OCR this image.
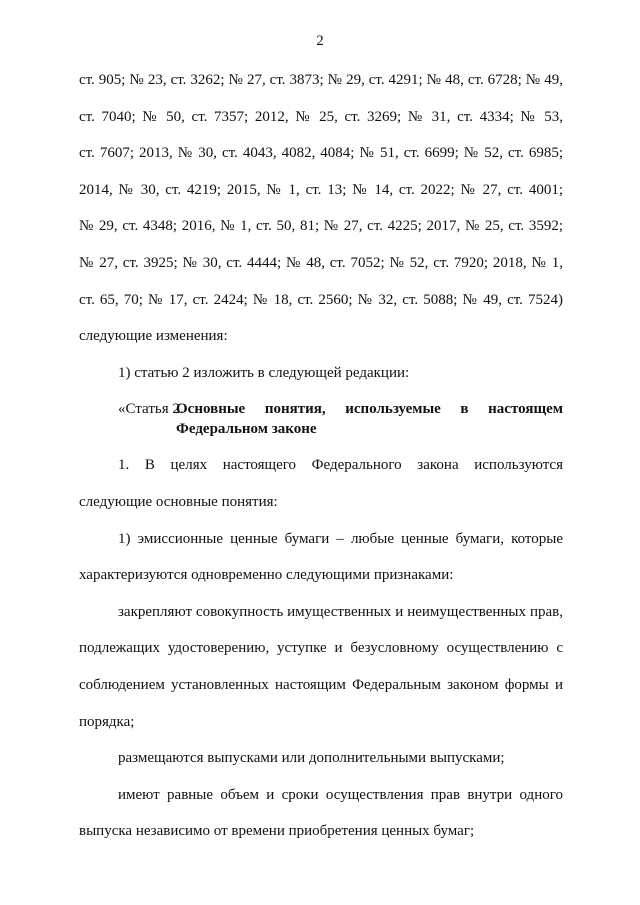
2
ст. 905; № 23, ст. 3262; № 27, ст. 3873; № 29, ст. 4291; № 48, ст. 6728; № 49,
ст. 7040; № 50, ст. 7357; 2012, № 25, ст. 3269; № 31, ст. 4334; № 53,
ст. 7607; 2013, № 30, ст. 4043, 4082, 4084; № 51, ст. 6699; № 52, ст. 6985;
2014, № 30, ст. 4219; 2015, № 1, ст. 13; № 14, ст. 2022; № 27, ст. 4001;
№ 29, ст. 4348; 2016, № 1, ст. 50, 81; № 27, ст. 4225; 2017, № 25, ст. 3592;
№ 27, ст. 3925; № 30, ст. 4444; № 48, ст. 7052; № 52, ст. 7920; 2018, № 1,
ст. 65, 70; № 17, ст. 2424; № 18, ст. 2560; № 32, ст. 5088; № 49, ст. 7524)
следующие изменения:
1) статью 2 изложить в следующей редакции:
«Статья 2.
Основные понятия, используемые в настоящем
Федеральном законе
1. В целях настоящего Федерального закона используются
следующие основные понятия:
1) эмиссионные ценные бумаги – любые ценные бумаги, которые
характеризуются одновременно следующими признаками:
закрепляют совокупность имущественных и неимущественных прав,
подлежащих удостоверению, уступке и безусловному осуществлению с
соблюдением установленных настоящим Федеральным законом формы и
порядка;
размещаются выпусками или дополнительными выпусками;
имеют равные объем и сроки осуществления прав внутри одного
выпуска независимо от времени приобретения ценных бумаг;
